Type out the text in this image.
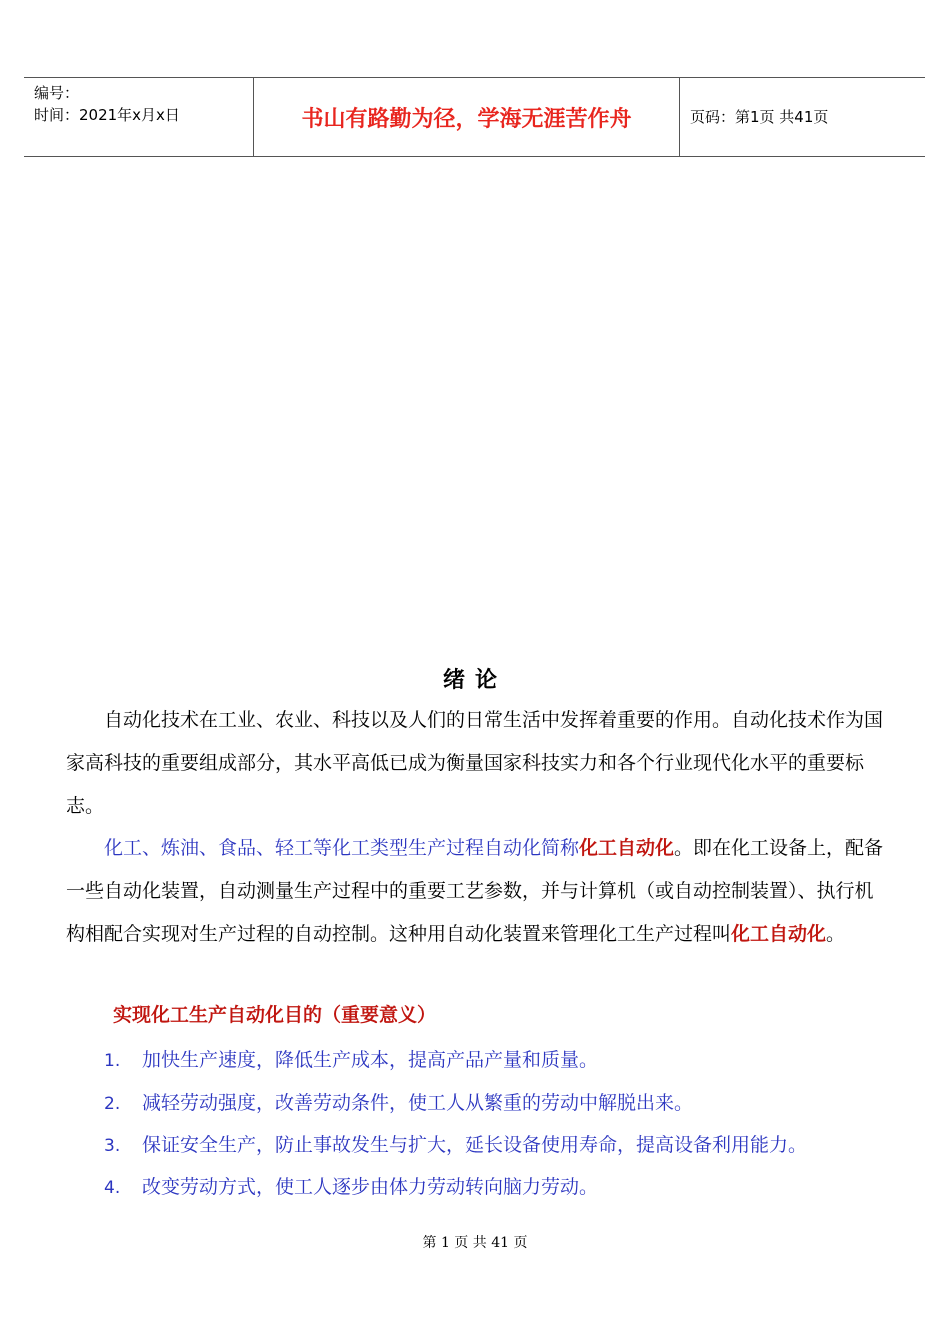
编号：
时间：2021年x月x日	书山有路勤为径，学海无涯苦作舟	页码：第1页 共41页
绪论

自动化技术在工业、农业、科技以及人们的日常生活中发挥着重要的作用。自动化技术作为国家高科技的重要组成部分，其水平高低已成为衡量国家科技实力和各个行业现代化水平的重要标志。

化工、炼油、食品、轻工等化工类型生产过程自动化简称化工自动化。即在化工设备上，配备一些自动化装置，自动测量生产过程中的重要工艺参数，并与计算机（或自动控制装置）、执行机构相配合实现对生产过程的自动控制。这种用自动化装置来管理化工生产过程叫化工自动化。

实现化工生产自动化目的（重要意义）
1. 加快生产速度，降低生产成本，提高产品产量和质量。
2. 减轻劳动强度，改善劳动条件，使工人从繁重的劳动中解脱出来。
3. 保证安全生产，防止事故发生与扩大，延长设备使用寿命，提高设备利用能力。
4. 改变劳动方式，使工人逐步由体力劳动转向脑力劳动。
第 1 页 共 41 页
